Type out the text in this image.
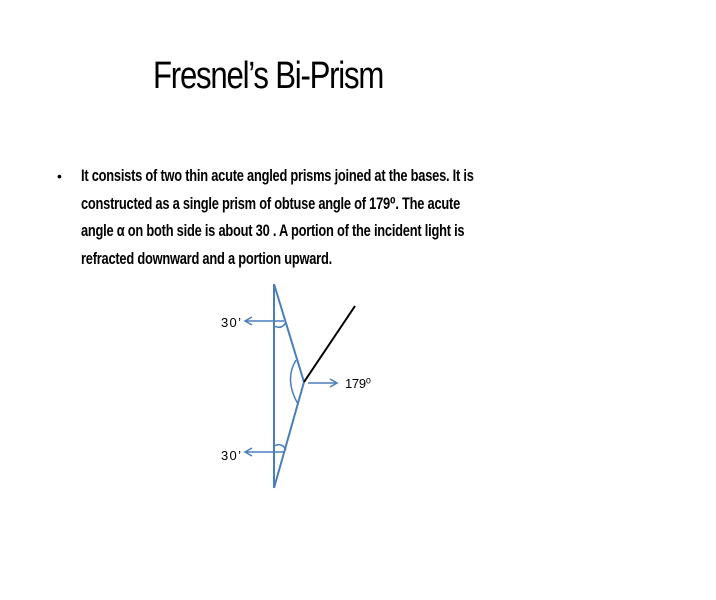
Fresnel’s Bi-Prism
• It consists of two thin acute angled prisms joined at the bases. It is
constructed as a single prism of obtuse angle of 179⁰. The acute
angle α on both side is about 30 . A portion of the incident light is
refracted downward and a portion upward.
30’
30’
179⁰
